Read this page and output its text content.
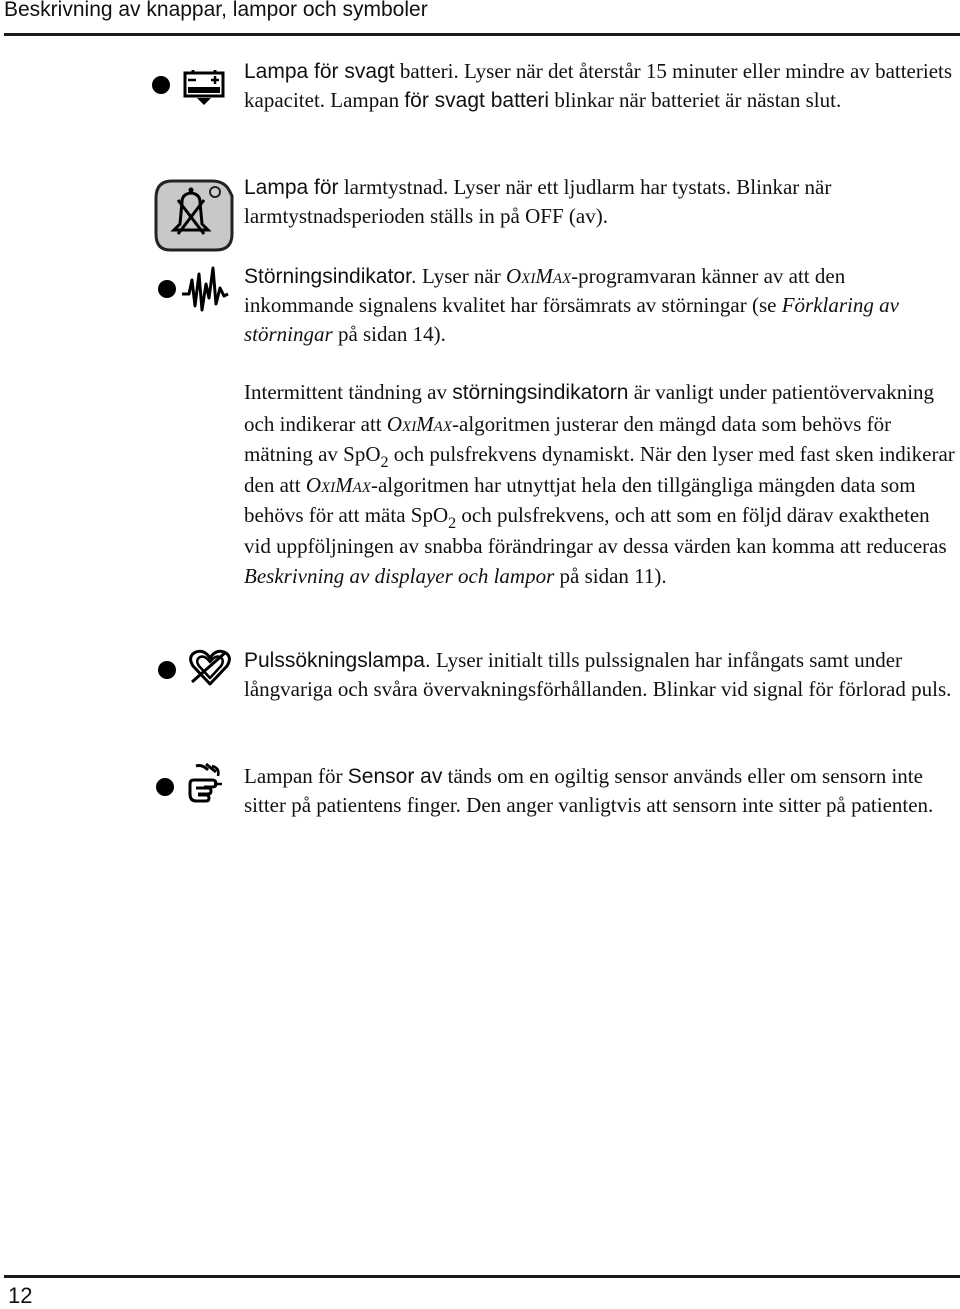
Beskrivning av knappar, lampor och symboler

Lampa för svagt batteri. Lyser när det återstår 15 minuter eller mindre av batteriets kapacitet. Lampan för svagt batteri blinkar när batteriet är nästan slut.

Lampa för larmtystnad. Lyser när ett ljudlarm har tystats. Blinkar när larmtystnadsperioden ställs in på OFF (av).

Störningsindikator. Lyser när OxiMax-programvaran känner av att den inkommande signalens kvalitet har försämrats av störningar (se Förklaring av störningar på sidan 14).

Intermittent tändning av störningsindikatorn är vanligt under patientövervakning och indikerar att OxiMax-algoritmen justerar den mängd data som behövs för mätning av SpO$_2$ och pulsfrekvens dynamiskt. När den lyser med fast sken indikerar den att OxiMax-algoritmen har utnyttjat hela den tillgängliga mängden data som behövs för att mäta SpO$_2$ och pulsfrekvens, och att som en följd därav exaktheten vid uppföljningen av snabba förändringar av dessa värden kan komma att reduceras Beskrivning av displayer och lampor på sidan 11).

Pulssökningslampa. Lyser initialt tills pulssignalen har infångats samt under långvariga och svåra övervakningsförhållanden. Blinkar vid signal för förlorad puls.

Lampan för Sensor av tänds om en ogiltig sensor används eller om sensorn inte sitter på patientens finger. Den anger vanligtvis att sensorn inte sitter på patienten.

12
